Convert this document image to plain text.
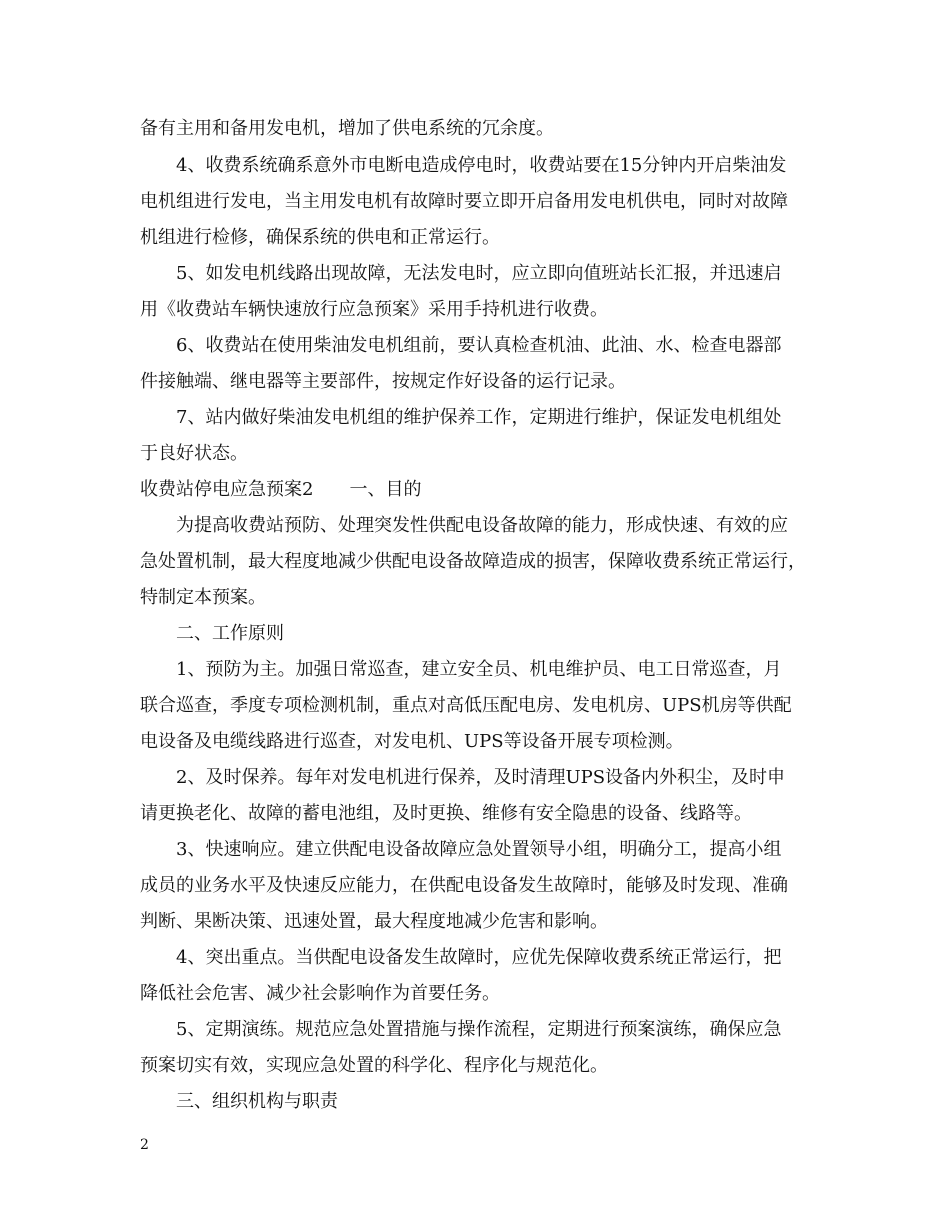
备有主用和备用发电机，增加了供电系统的冗余度。
4、收费系统确系意外市电断电造成停电时，收费站要在15分钟内开启柴油发
电机组进行发电，当主用发电机有故障时要立即开启备用发电机供电，同时对故障
机组进行检修，确保系统的供电和正常运行。
5、如发电机线路出现故障，无法发电时，应立即向值班站长汇报，并迅速启
用《收费站车辆快速放行应急预案》采用手持机进行收费。
6、收费站在使用柴油发电机组前，要认真检查机油、此油、水、检查电器部
件接触端、继电器等主要部件，按规定作好设备的运行记录。
7、站内做好柴油发电机组的维护保养工作，定期进行维护，保证发电机组处
于良好状态。
收费站停电应急预案2 一、目的
为提高收费站预防、处理突发性供配电设备故障的能力，形成快速、有效的应
急处置机制，最大程度地减少供配电设备故障造成的损害，保障收费系统正常运行，
特制定本预案。
二、工作原则
1、预防为主。加强日常巡查，建立安全员、机电维护员、电工日常巡查，月
联合巡查，季度专项检测机制，重点对高低压配电房、发电机房、UPS机房等供配
电设备及电缆线路进行巡查，对发电机、UPS等设备开展专项检测。
2、及时保养。每年对发电机进行保养，及时清理UPS设备内外积尘，及时申
请更换老化、故障的蓄电池组，及时更换、维修有安全隐患的设备、线路等。
3、快速响应。建立供配电设备故障应急处置领导小组，明确分工，提高小组
成员的业务水平及快速反应能力，在供配电设备发生故障时，能够及时发现、准确
判断、果断决策、迅速处置，最大程度地减少危害和影响。
4、突出重点。当供配电设备发生故障时，应优先保障收费系统正常运行，把
降低社会危害、减少社会影响作为首要任务。
5、定期演练。规范应急处置措施与操作流程，定期进行预案演练，确保应急
预案切实有效，实现应急处置的科学化、程序化与规范化。
三、组织机构与职责
2
